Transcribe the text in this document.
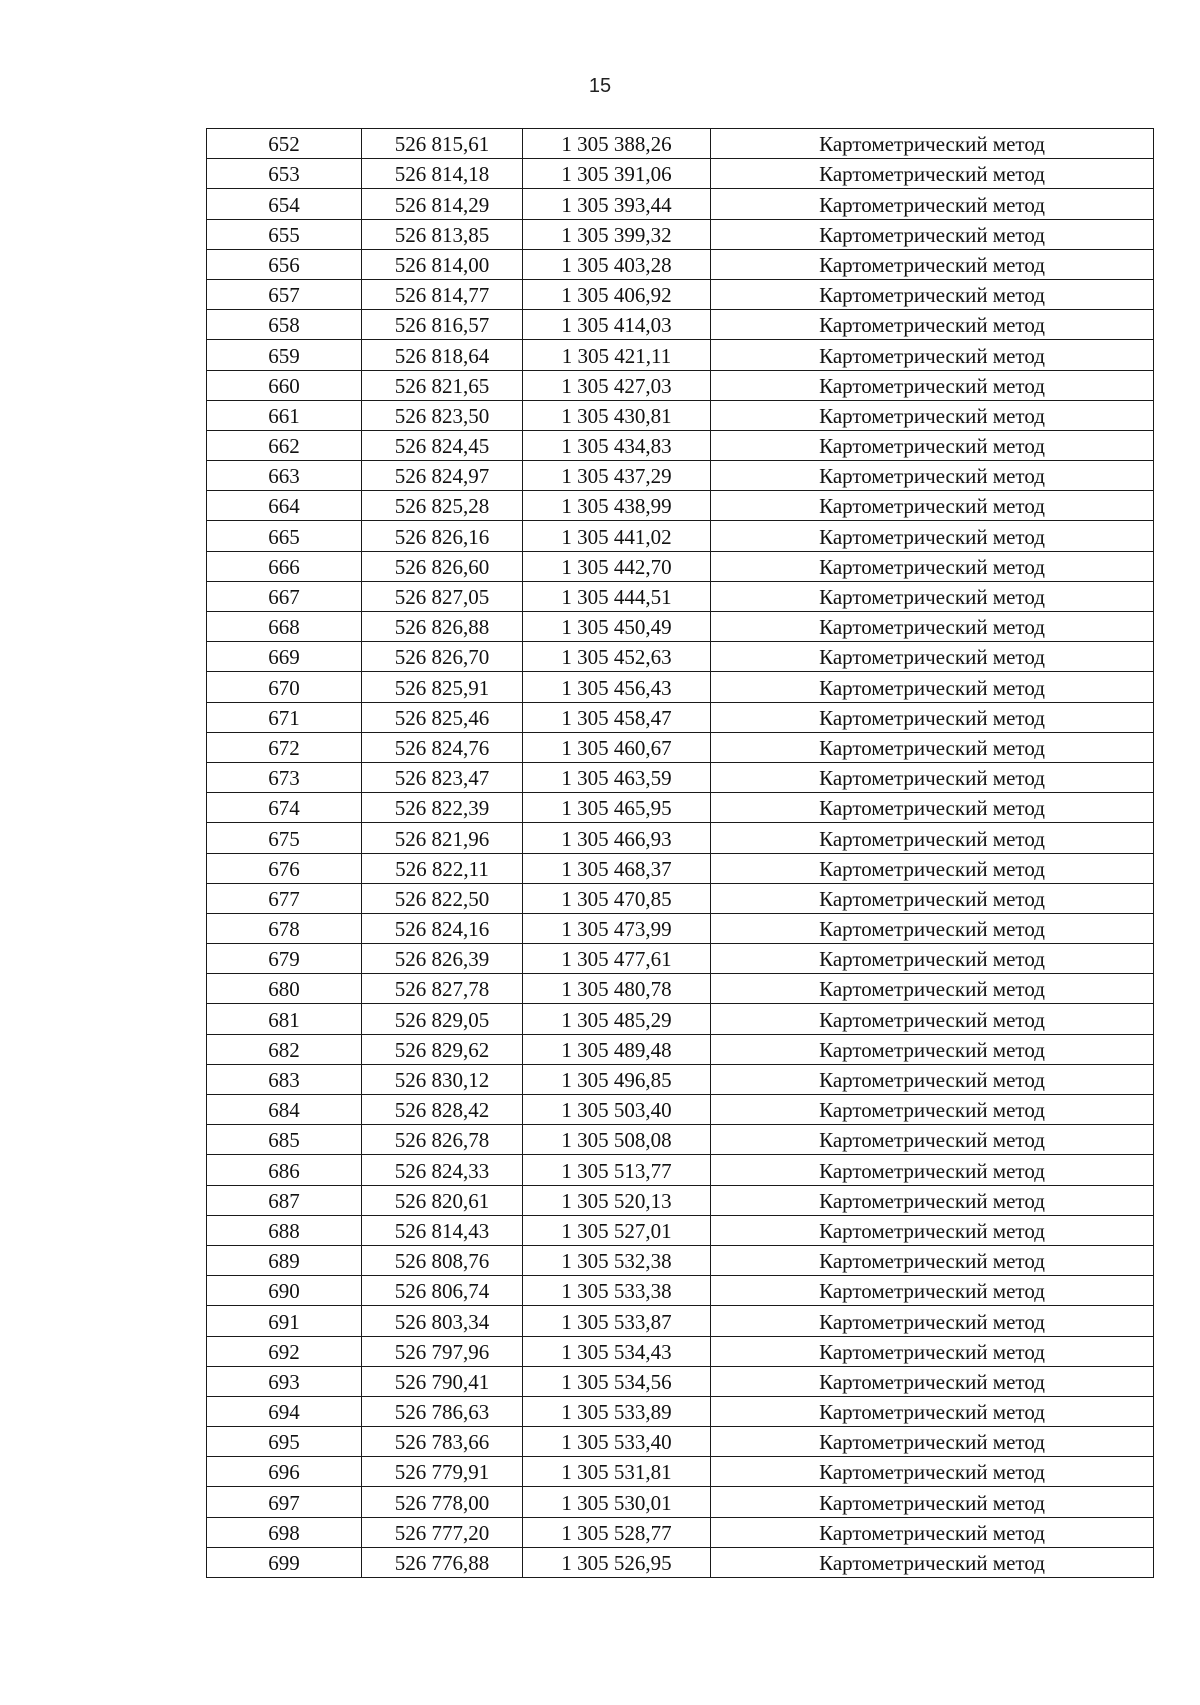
15
652	526 815,61	1 305 388,26	Картометрический метод
653	526 814,18	1 305 391,06	Картометрический метод
654	526 814,29	1 305 393,44	Картометрический метод
655	526 813,85	1 305 399,32	Картометрический метод
656	526 814,00	1 305 403,28	Картометрический метод
657	526 814,77	1 305 406,92	Картометрический метод
658	526 816,57	1 305 414,03	Картометрический метод
659	526 818,64	1 305 421,11	Картометрический метод
660	526 821,65	1 305 427,03	Картометрический метод
661	526 823,50	1 305 430,81	Картометрический метод
662	526 824,45	1 305 434,83	Картометрический метод
663	526 824,97	1 305 437,29	Картометрический метод
664	526 825,28	1 305 438,99	Картометрический метод
665	526 826,16	1 305 441,02	Картометрический метод
666	526 826,60	1 305 442,70	Картометрический метод
667	526 827,05	1 305 444,51	Картометрический метод
668	526 826,88	1 305 450,49	Картометрический метод
669	526 826,70	1 305 452,63	Картометрический метод
670	526 825,91	1 305 456,43	Картометрический метод
671	526 825,46	1 305 458,47	Картометрический метод
672	526 824,76	1 305 460,67	Картометрический метод
673	526 823,47	1 305 463,59	Картометрический метод
674	526 822,39	1 305 465,95	Картометрический метод
675	526 821,96	1 305 466,93	Картометрический метод
676	526 822,11	1 305 468,37	Картометрический метод
677	526 822,50	1 305 470,85	Картометрический метод
678	526 824,16	1 305 473,99	Картометрический метод
679	526 826,39	1 305 477,61	Картометрический метод
680	526 827,78	1 305 480,78	Картометрический метод
681	526 829,05	1 305 485,29	Картометрический метод
682	526 829,62	1 305 489,48	Картометрический метод
683	526 830,12	1 305 496,85	Картометрический метод
684	526 828,42	1 305 503,40	Картометрический метод
685	526 826,78	1 305 508,08	Картометрический метод
686	526 824,33	1 305 513,77	Картометрический метод
687	526 820,61	1 305 520,13	Картометрический метод
688	526 814,43	1 305 527,01	Картометрический метод
689	526 808,76	1 305 532,38	Картометрический метод
690	526 806,74	1 305 533,38	Картометрический метод
691	526 803,34	1 305 533,87	Картометрический метод
692	526 797,96	1 305 534,43	Картометрический метод
693	526 790,41	1 305 534,56	Картометрический метод
694	526 786,63	1 305 533,89	Картометрический метод
695	526 783,66	1 305 533,40	Картометрический метод
696	526 779,91	1 305 531,81	Картометрический метод
697	526 778,00	1 305 530,01	Картометрический метод
698	526 777,20	1 305 528,77	Картометрический метод
699	526 776,88	1 305 526,95	Картометрический метод
